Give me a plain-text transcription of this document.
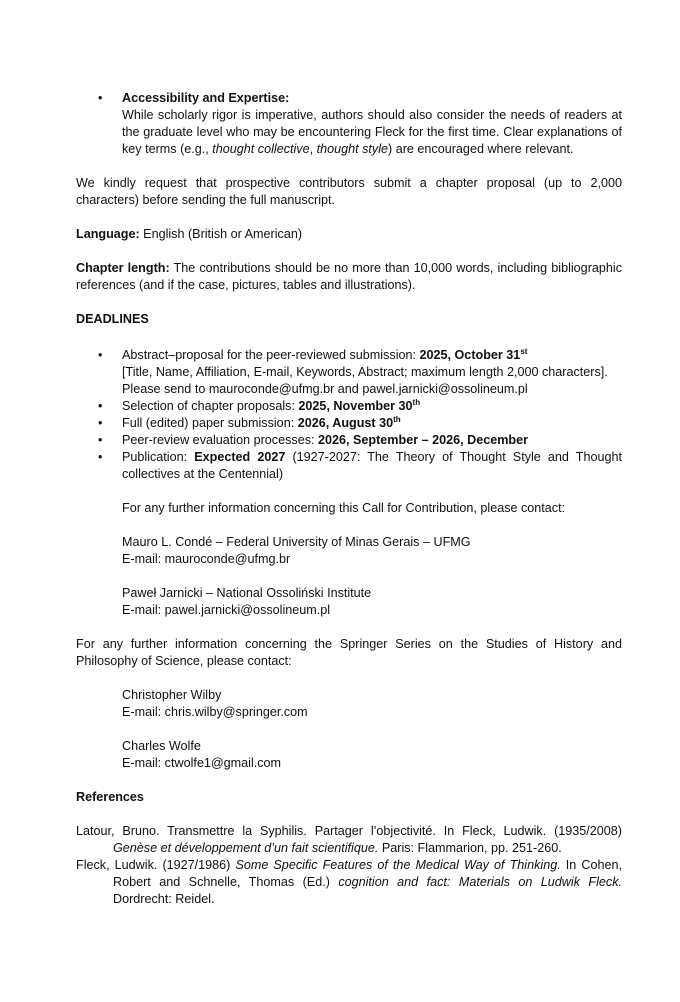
• Accessibility and Expertise:
While scholarly rigor is imperative, authors should also consider the needs of readers at the graduate level who may be encountering Fleck for the first time. Clear explanations of key terms (e.g., thought collective, thought style) are encouraged where relevant.

We kindly request that prospective contributors submit a chapter proposal (up to 2,000 characters) before sending the full manuscript.

Language: English (British or American)

Chapter length: The contributions should be no more than 10,000 words, including bibliographic references (and if the case, pictures, tables and illustrations).

DEADLINES

• Abstract–proposal for the peer-reviewed submission: 2025, October 31st
[Title, Name, Affiliation, E-mail, Keywords, Abstract; maximum length 2,000 characters].
Please send to mauroconde@ufmg.br and pawel.jarnicki@ossolineum.pl
• Selection of chapter proposals: 2025, November 30th
• Full (edited) paper submission: 2026, August 30th
• Peer-review evaluation processes: 2026, September – 2026, December
• Publication: Expected 2027 (1927-2027: The Theory of Thought Style and Thought collectives at the Centennial)

For any further information concerning this Call for Contribution, please contact:

Mauro L. Condé – Federal University of Minas Gerais – UFMG

E-mail: mauroconde@ufmg.br

Paweł Jarnicki – National Ossoliński Institute

E-mail: pawel.jarnicki@ossolineum.pl

For any further information concerning the Springer Series on the Studies of History and Philosophy of Science, please contact:

Christopher Wilby

E-mail: chris.wilby@springer.com

Charles Wolfe

E-mail: ctwolfe1@gmail.com

References

Latour, Bruno. Transmettre la Syphilis. Partager l’objectivité. In Fleck, Ludwik. (1935/2008) Genèse et développement d’un fait scientifique. Paris: Flammarion, pp. 251-260.

Fleck, Ludwik. (1927/1986) Some Specific Features of the Medical Way of Thinking. In Cohen, Robert and Schnelle, Thomas (Ed.) cognition and fact: Materials on Ludwik Fleck. Dordrecht: Reidel.
